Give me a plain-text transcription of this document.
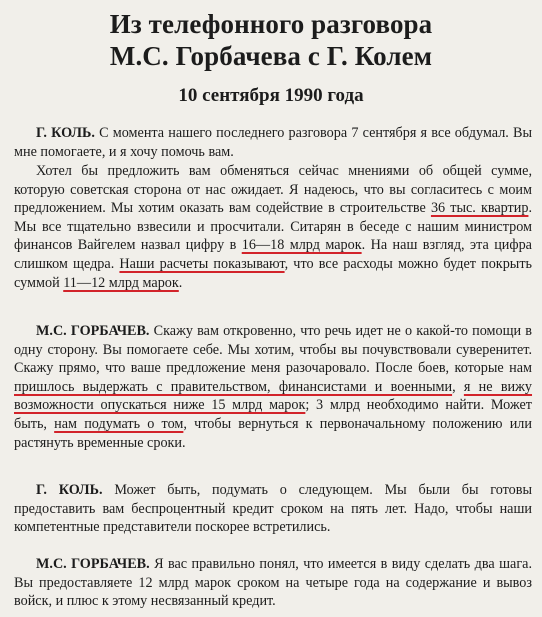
Из телефонного разговора
М.С. Горбачева с Г. Колем
10 сентября 1990 года

Г. КОЛЬ. С момента нашего последнего разговора 7 сентября я все обдумал. Вы мне помогаете, и я хочу помочь вам.

Хотел бы предложить вам обменяться сейчас мнениями об общей сумме, которую советская сторона от нас ожидает. Я надеюсь, что вы согласитесь с моим предложением. Мы хотим оказать вам содействие в строительстве 36 тыс. квартир. Мы все тщательно взвесили и просчитали. Ситарян в беседе с нашим министром финансов Вайгелем назвал цифру в 16—18 млрд марок. На наш взгляд, эта цифра слишком щедра. Наши расчеты показывают, что все расходы можно будет покрыть суммой 11—12 млрд марок.

М.С. ГОРБАЧЕВ. Скажу вам откровенно, что речь идет не о какой-то помощи в одну сторону. Вы помогаете себе. Мы хотим, чтобы вы почувствовали суверенитет. Скажу прямо, что ваше предложение меня разочаровало. После боев, которые нам пришлось выдержать с правительством, финансистами и военными, я не вижу возможности опускаться ниже 15 млрд марок; 3 млрд необходимо найти. Может быть, нам подумать о том, чтобы вернуться к первоначальному положению или растянуть временные сроки.

Г. КОЛЬ. Может быть, подумать о следующем. Мы были бы готовы предоставить вам беспроцентный кредит сроком на пять лет. Надо, чтобы наши компетентные представители поскорее встретились.

М.С. ГОРБАЧЕВ. Я вас правильно понял, что имеется в виду сделать два шага. Вы предоставляете 12 млрд марок сроком на четыре года на содержание и вывоз войск, и плюс к этому несвязанный кредит.
